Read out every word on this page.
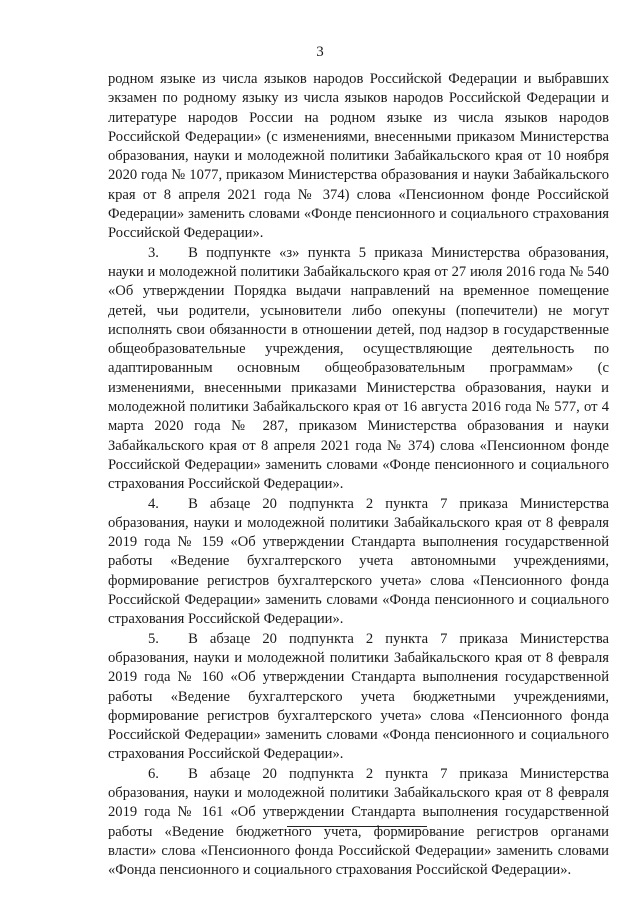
3

родном языке из числа языков народов Российской Федерации и выбравших экзамен по родному языку из числа языков народов Российской Федерации и литературе народов России на родном языке из числа языков народов Российской Федерации» (с изменениями, внесенными приказом Министерства образования, науки и молодежной политики Забайкальского края от 10 ноября 2020 года № 1077, приказом Министерства образования и науки Забайкальского края от 8 апреля 2021 года № 374) слова «Пенсионном фонде Российской Федерации» заменить словами «Фонде пенсионного и социального страхования Российской Федерации».

3.   В подпункте «з» пункта 5 приказа Министерства образования, науки и молодежной политики Забайкальского края от 27 июля 2016 года № 540 «Об утверждении Порядка выдачи направлений на временное помещение детей, чьи родители, усыновители либо опекуны (попечители) не могут исполнять свои обязанности в отношении детей, под надзор в государственные общеобразовательные учреждения, осуществляющие деятельность по адаптированным основным общеобразовательным программам» (с изменениями, внесенными приказами Министерства образования, науки и молодежной политики Забайкальского края от 16 августа 2016 года № 577, от 4 марта 2020 года № 287, приказом Министерства образования и науки Забайкальского края от 8 апреля 2021 года № 374) слова «Пенсионном фонде Российской Федерации» заменить словами «Фонде пенсионного и социального страхования Российской Федерации».

4.   В абзаце 20 подпункта 2 пункта 7 приказа Министерства образования, науки и молодежной политики Забайкальского края от 8 февраля 2019 года № 159 «Об утверждении Стандарта выполнения государственной работы «Ведение бухгалтерского учета автономными учреждениями, формирование регистров бухгалтерского учета» слова «Пенсионного фонда Российской Федерации» заменить словами «Фонда пенсионного и социального страхования Российской Федерации».

5.   В абзаце 20 подпункта 2 пункта 7 приказа Министерства образования, науки и молодежной политики Забайкальского края от 8 февраля 2019 года № 160 «Об утверждении Стандарта выполнения государственной работы «Ведение бухгалтерского учета бюджетными учреждениями, формирование регистров бухгалтерского учета» слова «Пенсионного фонда Российской Федерации» заменить словами «Фонда пенсионного и социального страхования Российской Федерации».

6.   В абзаце 20 подпункта 2 пункта 7 приказа Министерства образования, науки и молодежной политики Забайкальского края от 8 февраля 2019 года № 161 «Об утверждении Стандарта выполнения государственной работы «Ведение бюджетного учета, формирование регистров органами власти» слова «Пенсионного фонда Российской Федерации» заменить словами «Фонда пенсионного и социального страхования Российской Федерации».
